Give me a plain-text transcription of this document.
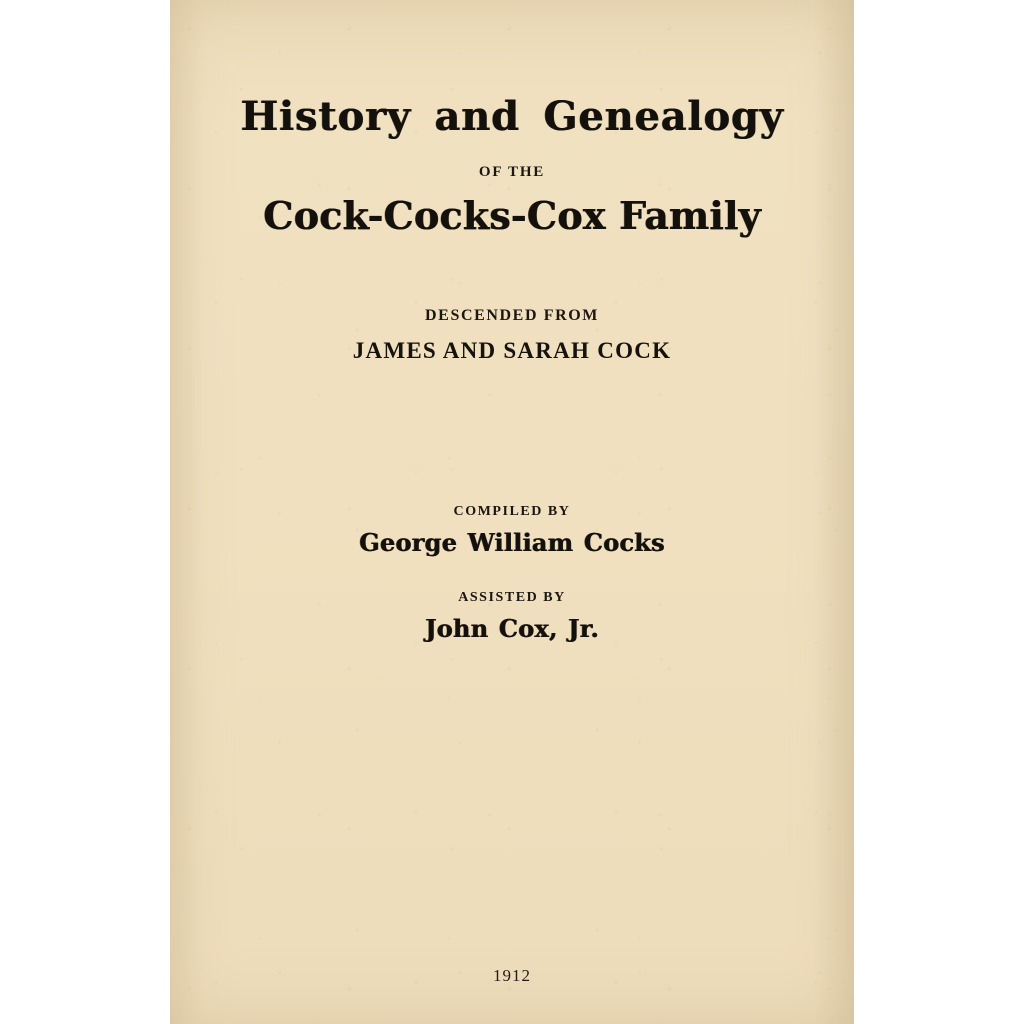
History and Genealogy
OF THE
Cock-Cocks-Cox Family
DESCENDED FROM
JAMES AND SARAH COCK
COMPILED BY
George William Cocks
ASSISTED BY
John Cox, Jr.
1912
